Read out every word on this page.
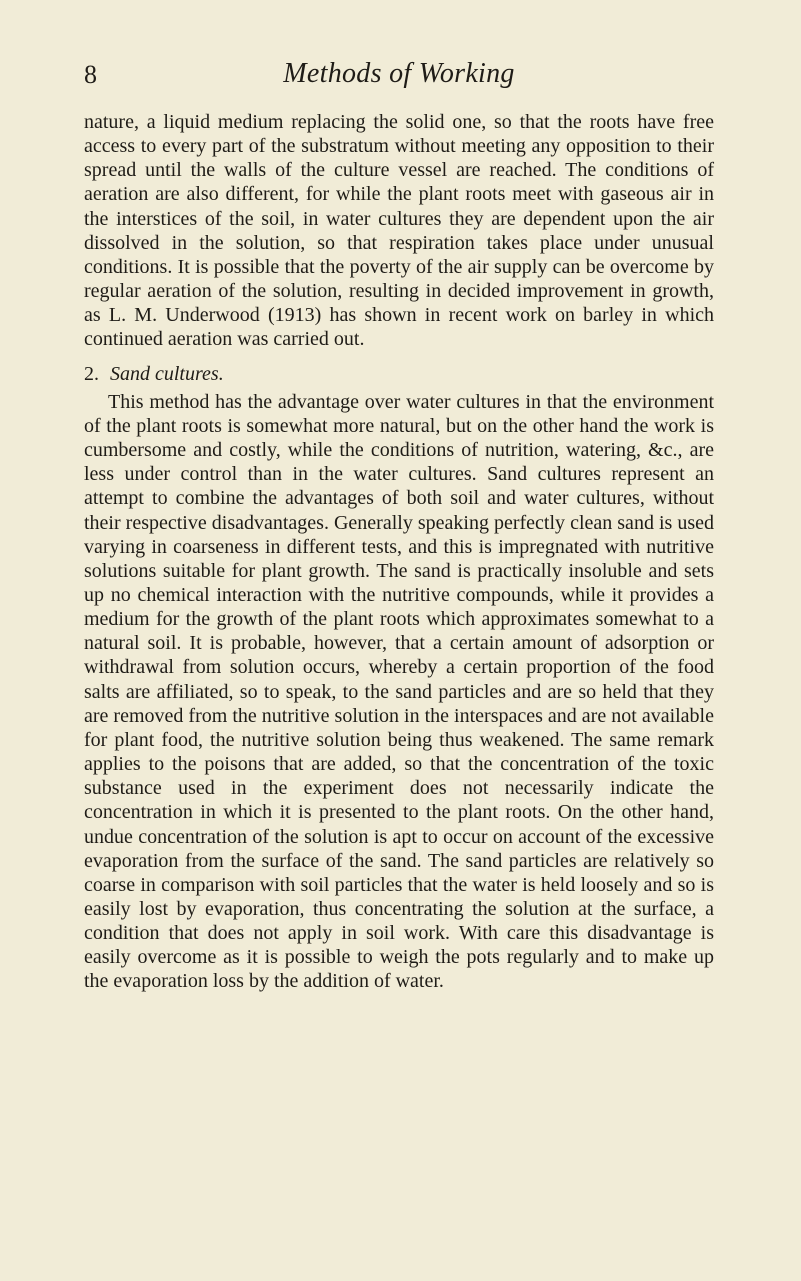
8	Methods of Working

nature, a liquid medium replacing the solid one, so that the roots have free access to every part of the substratum without meeting any opposition to their spread until the walls of the culture vessel are reached. The conditions of aeration are also different, for while the plant roots meet with gaseous air in the interstices of the soil, in water cultures they are dependent upon the air dissolved in the solution, so that respiration takes place under unusual conditions. It is possible that the poverty of the air supply can be overcome by regular aeration of the solution, resulting in decided improvement in growth, as L. M. Underwood (1913) has shown in recent work on barley in which continued aeration was carried out.

2. Sand cultures.

This method has the advantage over water cultures in that the environment of the plant roots is somewhat more natural, but on the other hand the work is cumbersome and costly, while the conditions of nutrition, watering, &c., are less under control than in the water cultures. Sand cultures represent an attempt to combine the advantages of both soil and water cultures, without their respective disadvantages. Generally speaking perfectly clean sand is used varying in coarseness in different tests, and this is impregnated with nutritive solutions suitable for plant growth. The sand is practically insoluble and sets up no chemical interaction with the nutritive compounds, while it provides a medium for the growth of the plant roots which approximates somewhat to a natural soil. It is probable, however, that a certain amount of adsorption or withdrawal from solution occurs, whereby a certain proportion of the food salts are affiliated, so to speak, to the sand particles and are so held that they are removed from the nutritive solution in the interspaces and are not available for plant food, the nutritive solution being thus weakened. The same remark applies to the poisons that are added, so that the concentration of the toxic substance used in the experiment does not necessarily indicate the concentration in which it is presented to the plant roots. On the other hand, undue concentration of the solution is apt to occur on account of the excessive evaporation from the surface of the sand. The sand particles are relatively so coarse in comparison with soil particles that the water is held loosely and so is easily lost by evaporation, thus concentrating the solution at the surface, a condition that does not apply in soil work. With care this disadvantage is easily overcome as it is possible to weigh the pots regularly and to make up the evaporation loss by the addition of water.
